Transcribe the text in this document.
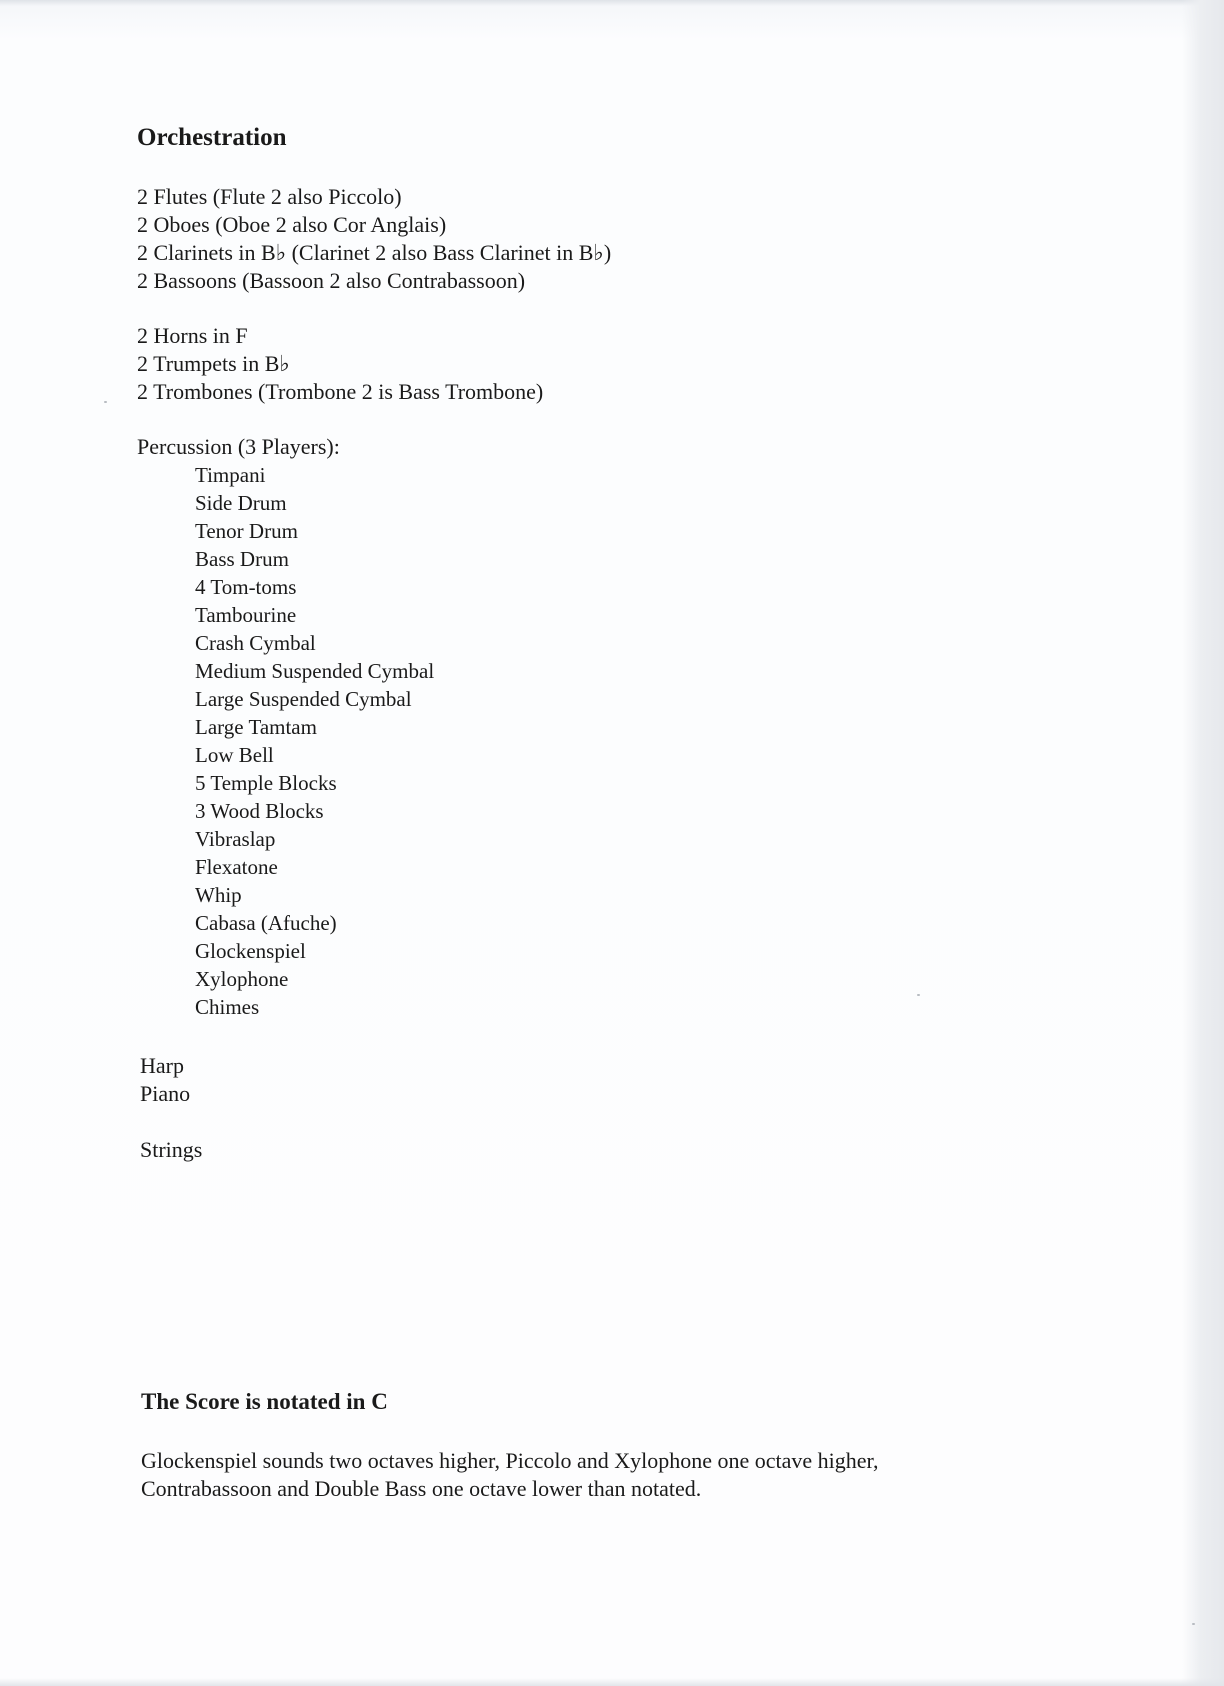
Orchestration
2 Flutes (Flute 2 also Piccolo)
2 Oboes (Oboe 2 also Cor Anglais)
2 Clarinets in B♭ (Clarinet 2 also Bass Clarinet in B♭)
2 Bassoons (Bassoon 2 also Contrabassoon)
2 Horns in F
2 Trumpets in B♭
2 Trombones (Trombone 2 is Bass Trombone)
Percussion (3 Players):
Timpani
Side Drum
Tenor Drum
Bass Drum
4 Tom-toms
Tambourine
Crash Cymbal
Medium Suspended Cymbal
Large Suspended Cymbal
Large Tamtam
Low Bell
5 Temple Blocks
3 Wood Blocks
Vibraslap
Flexatone
Whip
Cabasa (Afuche)
Glockenspiel
Xylophone
Chimes
Harp
Piano
Strings
The Score is notated in C

Glockenspiel sounds two octaves higher, Piccolo and Xylophone one octave higher,
Contrabassoon and Double Bass one octave lower than notated.
